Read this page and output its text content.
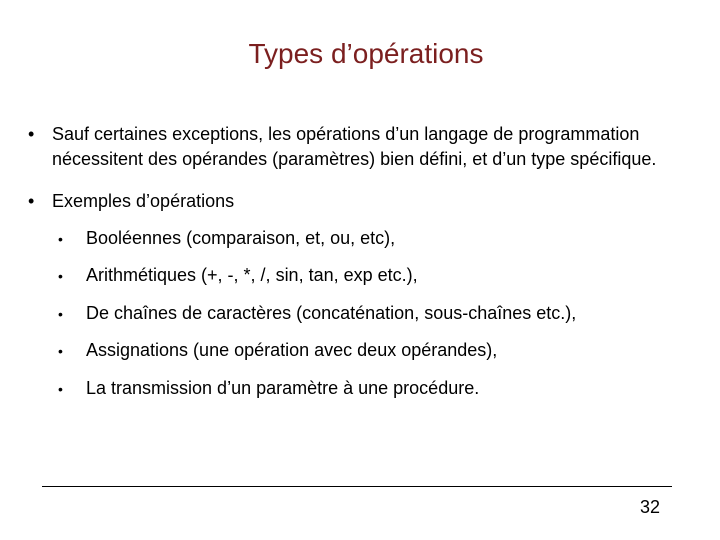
Types d’opérations
• Sauf certaines exceptions, les opérations d’un langage de programmation nécessitent des opérandes (paramètres) bien défini, et d’un type spécifique.
• Exemples d’opérations
• Booléennes (comparaison, et, ou, etc),
• Arithmétiques (+, -, *, /, sin, tan, exp etc.),
• De chaînes de caractères (concaténation, sous-chaînes etc.),
• Assignations (une opération avec deux opérandes),
• La transmission d’un paramètre à une procédure.
32
